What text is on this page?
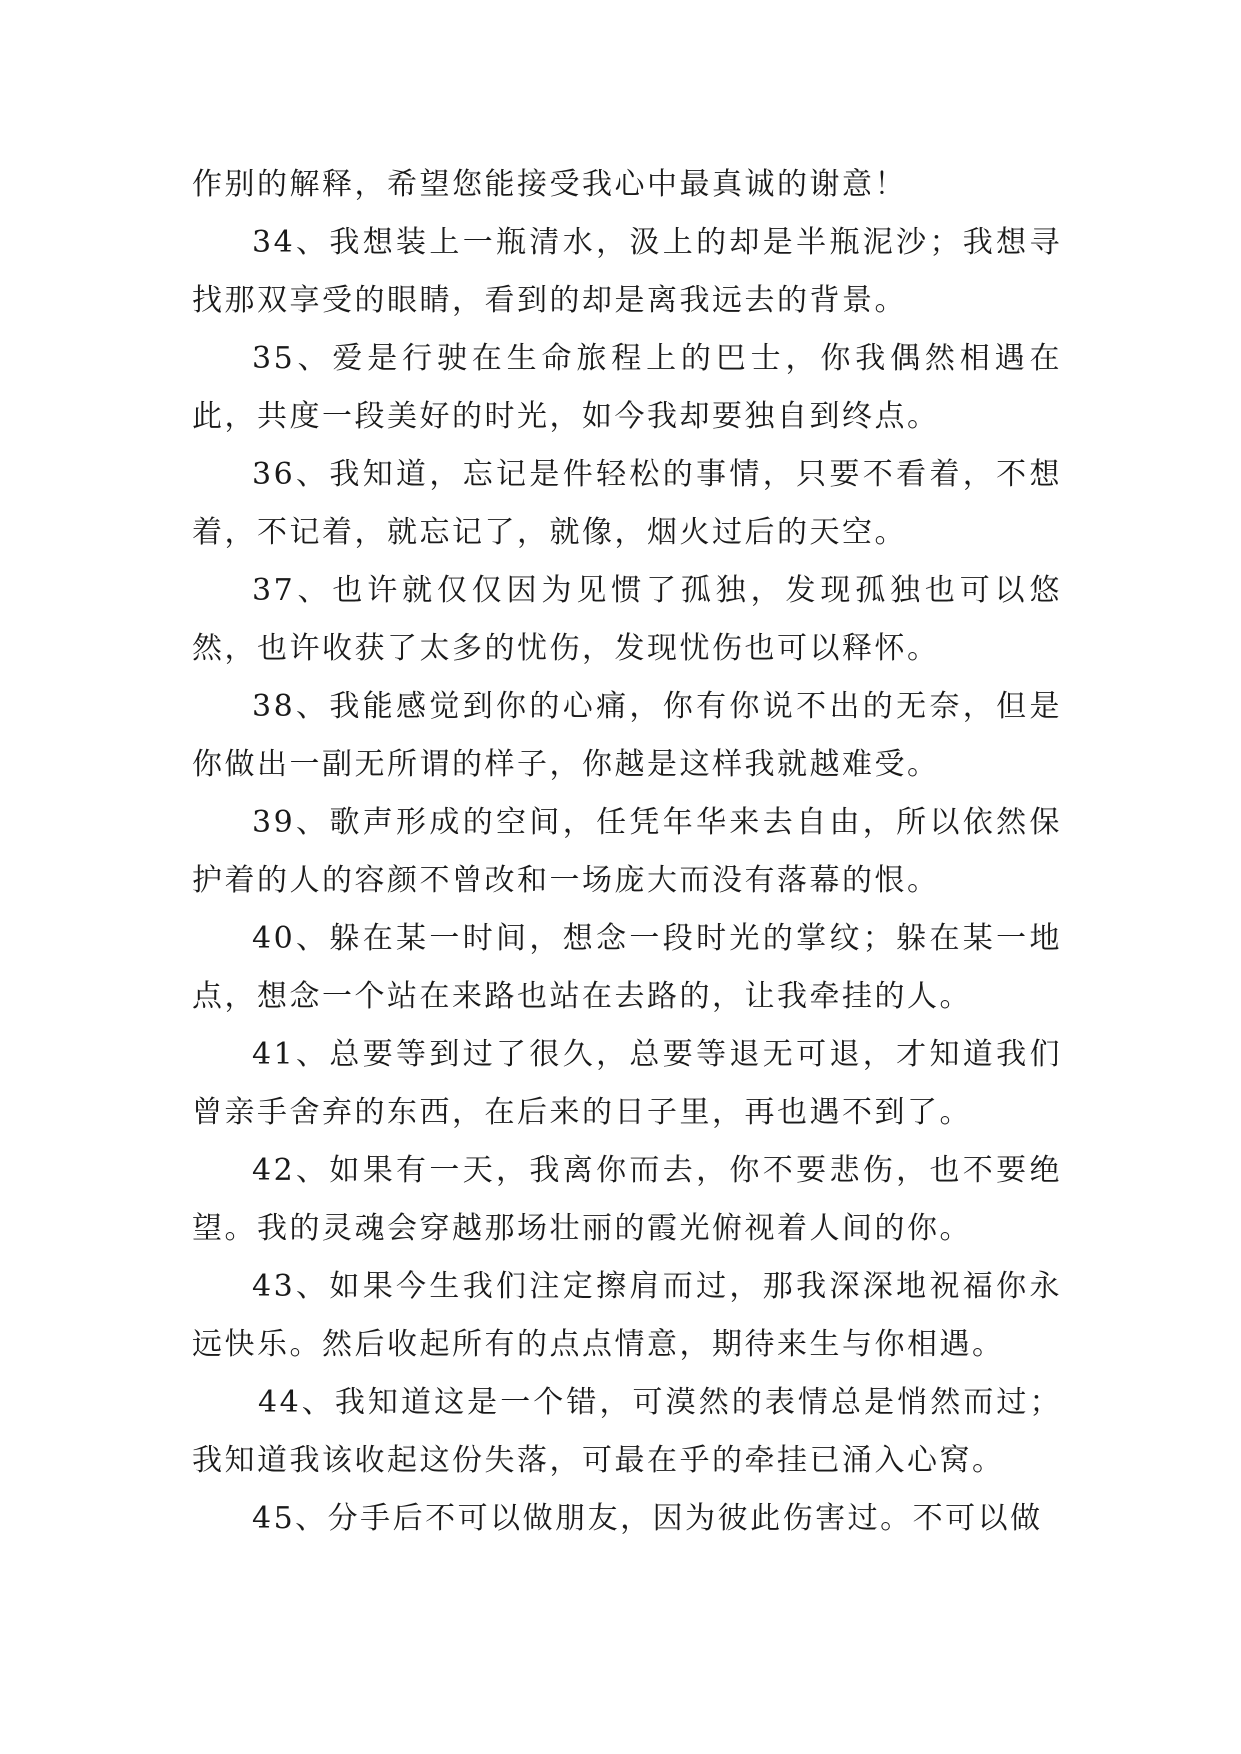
作别的解释，希望您能接受我心中最真诚的谢意！

34、我想装上一瓶清水，汲上的却是半瓶泥沙；我想寻找那双享受的眼睛，看到的却是离我远去的背景。

35、爱是行驶在生命旅程上的巴士，你我偶然相遇在此，共度一段美好的时光，如今我却要独自到终点。

36、我知道，忘记是件轻松的事情，只要不看着，不想着，不记着，就忘记了，就像，烟火过后的天空。

37、也许就仅仅因为见惯了孤独，发现孤独也可以悠然，也许收获了太多的忧伤，发现忧伤也可以释怀。

38、我能感觉到你的心痛，你有你说不出的无奈，但是你做出一副无所谓的样子，你越是这样我就越难受。

39、歌声形成的空间，任凭年华来去自由，所以依然保护着的人的容颜不曾改和一场庞大而没有落幕的恨。

40、躲在某一时间，想念一段时光的掌纹；躲在某一地点，想念一个站在来路也站在去路的，让我牵挂的人。

41、总要等到过了很久，总要等退无可退，才知道我们曾亲手舍弃的东西，在后来的日子里，再也遇不到了。

42、如果有一天，我离你而去，你不要悲伤，也不要绝望。我的灵魂会穿越那场壮丽的霞光俯视着人间的你。

43、如果今生我们注定擦肩而过，那我深深地祝福你永远快乐。然后收起所有的点点情意，期待来生与你相遇。

44、我知道这是一个错，可漠然的表情总是悄然而过；我知道我该收起这份失落，可最在乎的牵挂已涌入心窝。

45、分手后不可以做朋友，因为彼此伤害过。不可以做
